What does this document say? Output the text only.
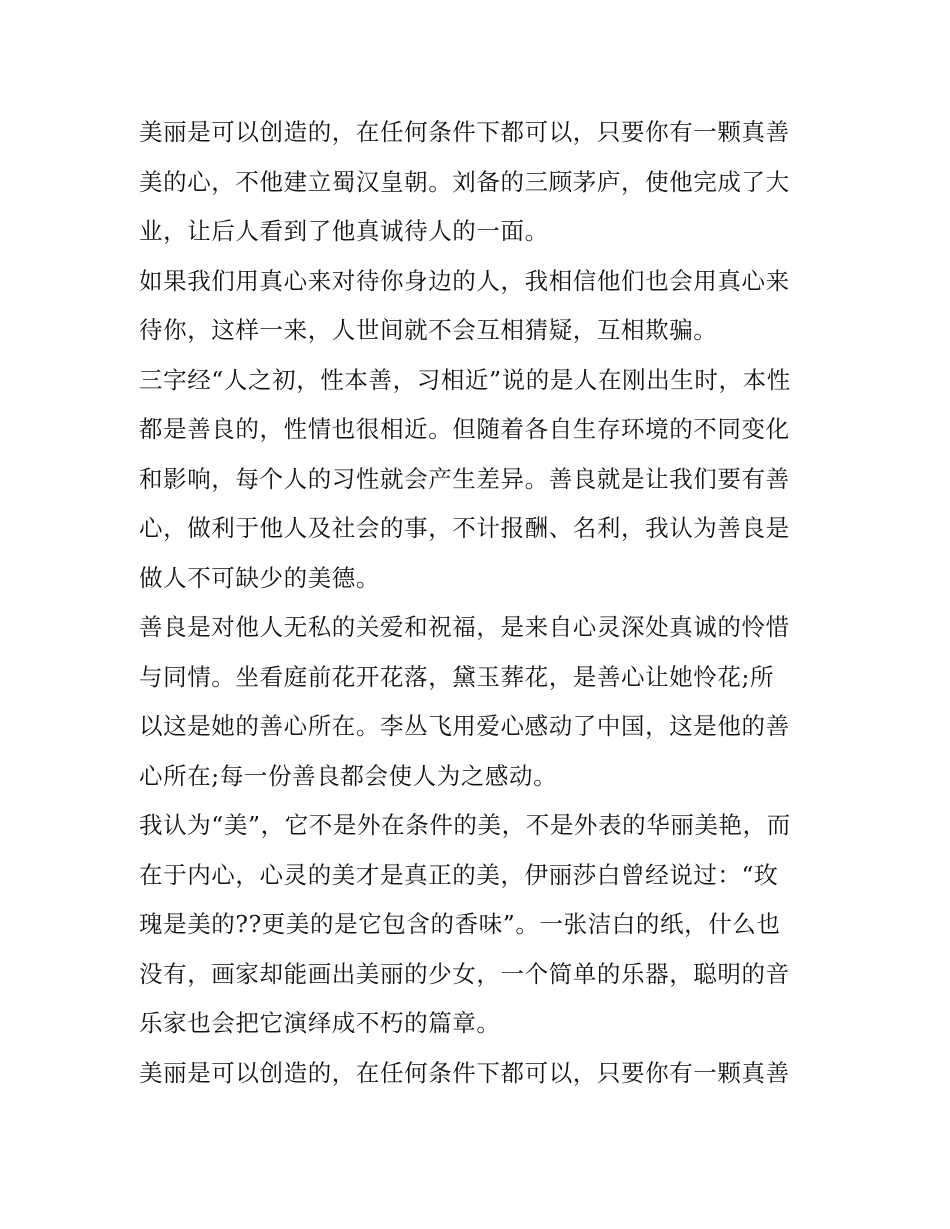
美丽是可以创造的，在任何条件下都可以，只要你有一颗真善
美的心，不他建立蜀汉皇朝。刘备的三顾茅庐，使他完成了大
业，让后人看到了他真诚待人的一面。

如果我们用真心来对待你身边的人，我相信他们也会用真心来
待你，这样一来，人世间就不会互相猜疑，互相欺骗。

三字经“人之初，性本善，习相近”说的是人在刚出生时，本性
都是善良的，性情也很相近。但随着各自生存环境的不同变化
和影响，每个人的习性就会产生差异。善良就是让我们要有善
心，做利于他人及社会的事，不计报酬、名利，我认为善良是
做人不可缺少的美德。

善良是对他人无私的关爱和祝福，是来自心灵深处真诚的怜惜
与同情。坐看庭前花开花落，黛玉葬花，是善心让她怜花;所
以这是她的善心所在。李丛飞用爱心感动了中国，这是他的善
心所在;每一份善良都会使人为之感动。

我认为“美”，它不是外在条件的美，不是外表的华丽美艳，而
在于内心，心灵的美才是真正的美，伊丽莎白曾经说过：“玫
瑰是美的??更美的是它包含的香味”。一张洁白的纸，什么也
没有，画家却能画出美丽的少女，一个简单的乐器，聪明的音
乐家也会把它演绎成不朽的篇章。

美丽是可以创造的，在任何条件下都可以，只要你有一颗真善
